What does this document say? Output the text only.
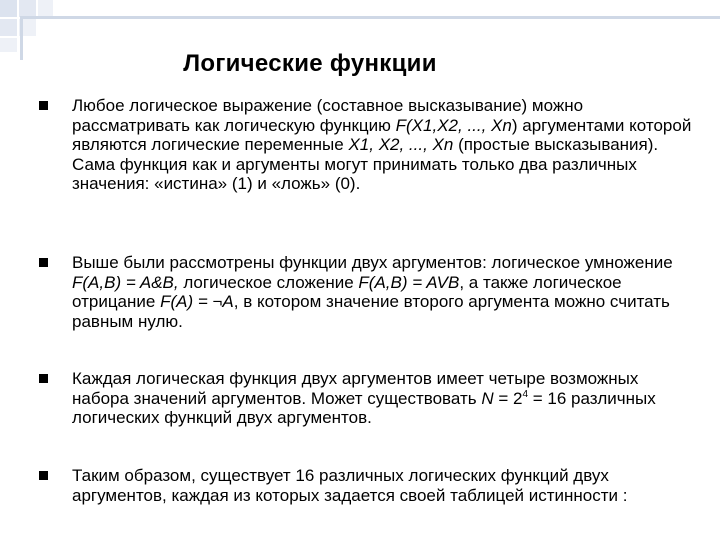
Логические функции
Любое логическое выражение (составное высказывание) можно рассматривать как логическую функцию F(X1,X2, ..., Xn) аргументами которой являются логические переменные X1, X2, ..., Xn (простые высказывания). Сама функция как и аргументы могут принимать только два различных значения: «истина» (1) и «ложь» (0).
Выше были рассмотрены функции двух аргументов: логическое умножение F(A,B) = A&B, логическое сложение F(A,B) = AVB, а также логическое отрицание F(A) = ¬A, в котором значение второго аргумента можно считать равным нулю.
Каждая логическая функция двух аргументов имеет четыре возможных набора значений аргументов. Может существовать $N = 2^4 = 16$ различных логических функций двух аргументов.
Таким образом, существует 16 различных логических функций двух аргументов, каждая из которых задается своей таблицей истинности :
